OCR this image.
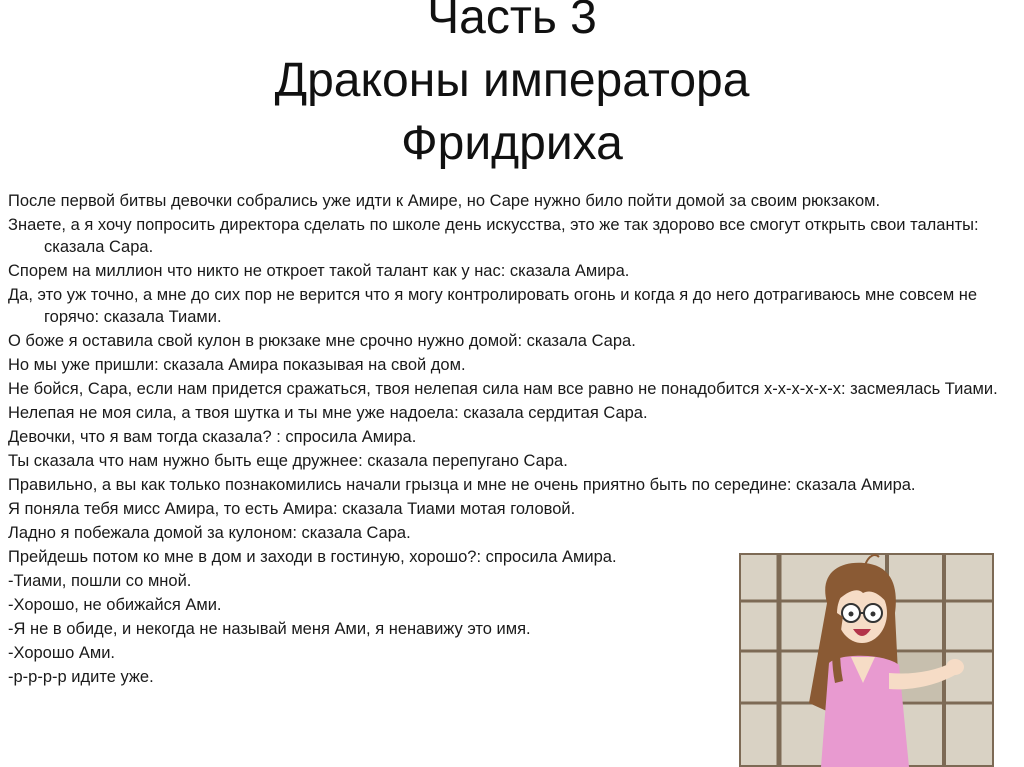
Часть 3
Драконы императора
Фридриха

После первой битвы девочки собрались уже идти к Амире, но Саре нужно било пойти домой за своим рюкзаком.

Знаете, а я хочу попросить директора сделать по школе день искусства, это же так здорово все смогут открыть свои таланты: сказала Сара.

Спорем на миллион что никто не откроет такой талант как у нас: сказала Амира.

Да, это уж точно, а мне до сих пор не верится что я могу контролировать огонь и когда я до него дотрагиваюсь мне совсем не горячо: сказала Тиами.

О боже я оставила свой кулон в рюкзаке мне срочно нужно домой: сказала Сара.

Но мы уже пришли: сказала Амира показывая на свой дом.

Не бойся, Сара, если нам придется сражаться, твоя нелепая сила нам все равно не понадобится х-х-х-х-х-х: засмеялась Тиами.

Нелепая не моя сила, а твоя шутка и ты мне уже надоела: сказала сердитая Сара.

Девочки, что я вам тогда сказала? : спросила Амира.

Ты сказала что нам нужно быть еще дружнее: сказала перепугано Сара.

Правильно, а вы как только познакомились начали грызца и мне не очень приятно быть по середине: сказала Амира.

Я поняла тебя мисс Амира, то есть Амира: сказала Тиами мотая головой.

Ладно я побежала домой за кулоном: сказала Сара.

Прейдешь потом ко мне в дом и заходи в гостиную, хорошо?: спросила Амира.

-Тиами, пошли со мной.

-Хорошо, не обижайся Ами.

-Я не в обиде, и некогда не называй меня Ами, я ненавижу это имя.

-Хорошо Ами.

-р-р-р-р идите уже.
